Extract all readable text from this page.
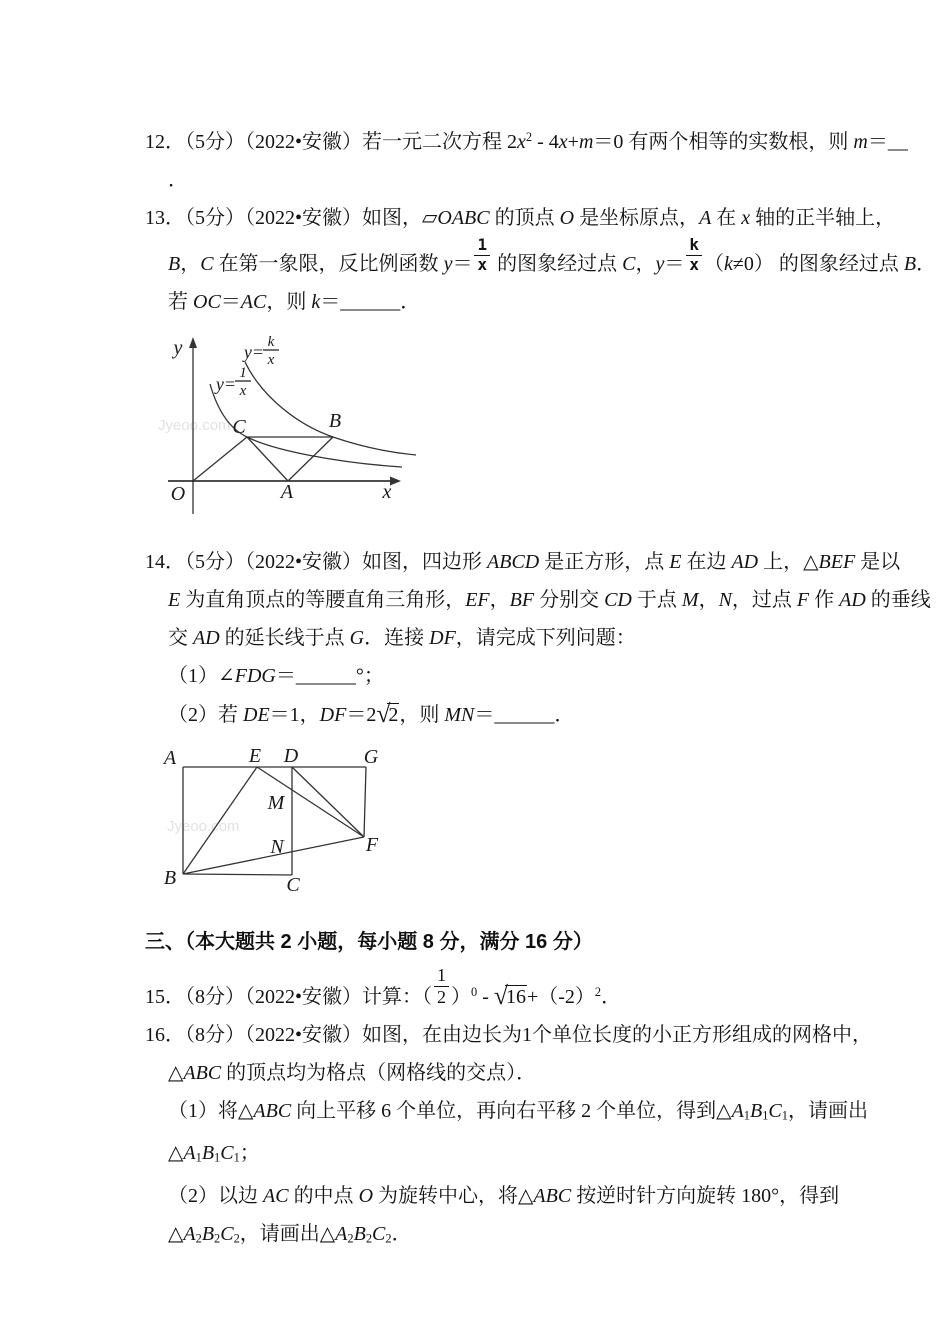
12．（5分）（2022•安徽）若一元二次方程 $2x^2 - 4x+m=0$ 有两个相等的实数根，则 m＝__
．
13．（5分）（2022•安徽）如图，▱OABC 的顶点 O 是坐标原点，A 在 x 轴的正半轴上，
B，C 在第一象限，反比例函数 $y= \frac{1}{x}$ 的图象经过点 C，$y= \frac{k}{x} (k\ne 0)$ 的图象经过点 B．
若 OC＝AC，则 k＝______．
Jyeoo.com
y
x
O	A
C	B
y=
1
x
y= k
x
14．（5分）（2022•安徽）如图，四边形 ABCD 是正方形，点 E 在边 AD 上，△BEF 是以
E 为直角顶点的等腰直角三角形，EF，BF 分别交 CD 于点 M，N，过点 F 作 AD 的垂线
交 AD 的延长线于点 G．连接 DF，请完成下列问题：
（1）∠FDG＝______°；
（2）若 DE＝1，DF＝2√2，则 MN＝______．
Jyeoo.com
A	E D	G
M
N	F
B	C
三、（本大题共 2 小题，每小题 8 分，满分 16 分）
15．（8分）（2022•安徽）计算：（ $\frac{1}{2} )^0 - √16+(-2)^2$．
16．（8分）（2022•安徽）如图，在由边长为1个单位长度的小正方形组成的网格中，
△ABC 的顶点均为格点（网格线的交点）．
（1）将△ABC 向上平移 6 个单位，再向右平移 2 个单位，得到$\triangle A_1B_1C_1$，请画出
$\triangle A_1B_1C_1$；
（2）以边 AC 的中点 O 为旋转中心，将△ABC 按逆时针方向旋转 180°，得到
$\triangle A_2B_2C_2$，请画出$\triangle A_2B_2C_2$．
